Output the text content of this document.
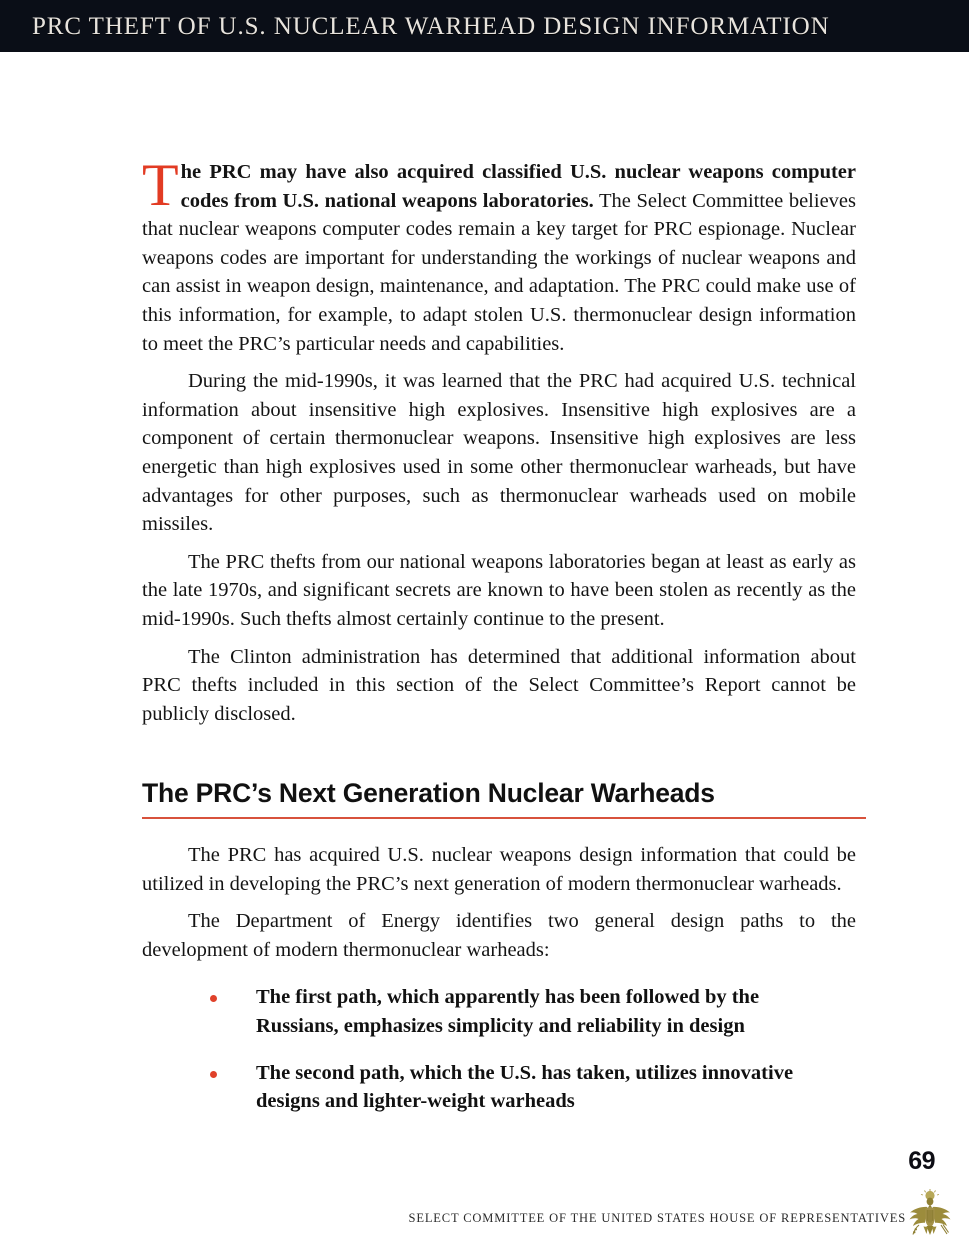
PRC THEFT OF U.S. NUCLEAR WARHEAD DESIGN INFORMATION

The PRC may have also acquired classified U.S. nuclear weapons computer codes from U.S. national weapons laboratories. The Select Committee believes that nuclear weapons computer codes remain a key target for PRC espionage. Nuclear weapons codes are important for understanding the workings of nuclear weapons and can assist in weapon design, maintenance, and adaptation. The PRC could make use of this information, for example, to adapt stolen U.S. thermonuclear design information to meet the PRC’s particular needs and capabilities.

During the mid-1990s, it was learned that the PRC had acquired U.S. technical information about insensitive high explosives. Insensitive high explosives are a component of certain thermonuclear weapons. Insensitive high explosives are less energetic than high explosives used in some other thermonuclear warheads, but have advantages for other purposes, such as thermonuclear warheads used on mobile missiles.

The PRC thefts from our national weapons laboratories began at least as early as the late 1970s, and significant secrets are known to have been stolen as recently as the mid-1990s. Such thefts almost certainly continue to the present.

The Clinton administration has determined that additional information about PRC thefts included in this section of the Select Committee’s Report cannot be publicly disclosed.

The PRC’s Next Generation Nuclear Warheads

The PRC has acquired U.S. nuclear weapons design information that could be utilized in developing the PRC’s next generation of modern thermonuclear warheads.

The Department of Energy identifies two general design paths to the development of modern thermonuclear warheads:

The first path, which apparently has been followed by the Russians, emphasizes simplicity and reliability in design
The second path, which the U.S. has taken, utilizes innovative designs and lighter-weight warheads
69
SELECT COMMITTEE OF THE UNITED STATES HOUSE OF REPRESENTATIVES
